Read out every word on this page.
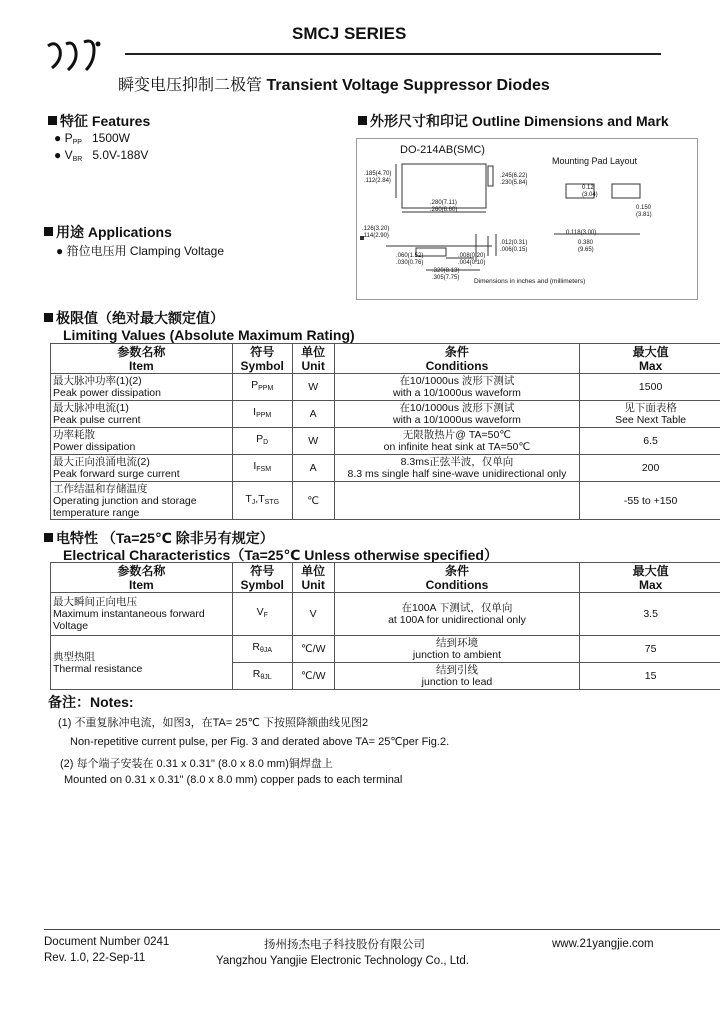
SMCJ SERIES
瞬变电压抑制二极管 Transient Voltage Suppressor Diodes
特征 Features
● $P_{PP}$ 1500W
● $V_{BR}$ 5.0V-188V
用途 Applications
● 箝位电压用 Clamping Voltage
外形尺寸和印记 Outline Dimensions and Mark
DO-214AB(SMC)
Mounting Pad Layout
.185(4.70)
.112(2.84)
.245(6.22)
.230(5.84)
.280(7.11)
.260(6.60)
.126(3.20)
.114(2.90)
.012(0.31)
.006(0.15)
.060(1.52)
.030(0.76)
.008(0.20)
.004(0.10)
.320(8.13)
.305(7.75)
0.12
(3.04)
0.150
(3.81)
0.118(3.00)
0.380
(9.65)
Dimensions in inches and (millimeters)
极限值（绝对最大额定值）
Limiting Values (Absolute Maximum Rating)
参数名称
Item	符号
Symbol	单位
Unit	条件
Conditions	最大值
Max
最大脉冲功率(1)(2)
Peak power dissipation	$P_{PPM}$	W	在10/1000us 波形下测试
with a 10/1000us waveform	1500
最大脉冲电流(1)
Peak pulse current	$I_{PPM}$	A	在10/1000us 波形下测试
with a 10/1000us waveform	见下面表格
See Next Table
功率耗散
Power dissipation	$P_D$	W	无限散热片@ TA=50℃
on infinite heat sink at TA=50℃	6.5
最大正向浪涌电流(2)
Peak forward surge current	$I_{FSM}$	A	8.3ms正弦半波，仅单向
8.3 ms single half sine-wave unidirectional only	200
工作结温和存储温度
Operating junction and storage temperature range	$T_J,T_{STG}$	℃		-55 to +150
电特性 （Ta=25℃ 除非另有规定）
Electrical Characteristics（Ta=25℃ Unless otherwise specified）
参数名称
Item	符号
Symbol	单位
Unit	条件
Conditions	最大值
Max
最大瞬间正向电压
Maximum instantaneous forward Voltage	$V_F$	V	在100A 下测试，仅单向
at 100A for unidirectional only	3.5
典型热阻
Thermal resistance	$R_{\theta JA}$	℃/W	结到环境
junction to ambient	75
	$R_{\theta JL}$	℃/W	结到引线
junction to lead	15
备注：Notes:
(1) 不重复脉冲电流，如图3，在TA= 25℃ 下按照降额曲线见图2
Non-repetitive current pulse, per Fig. 3 and derated above TA= 25℃per Fig.2.
(2) 每个端子安装在 0.31 x 0.31" (8.0 x 8.0 mm)铜焊盘上
Mounted on 0.31 x 0.31" (8.0 x 8.0 mm) copper pads to each terminal
Document Number 0241
Rev. 1.0, 22-Sep-11
扬州扬杰电子科技股份有限公司
Yangzhou Yangjie Electronic Technology Co., Ltd.
www.21yangjie.com
